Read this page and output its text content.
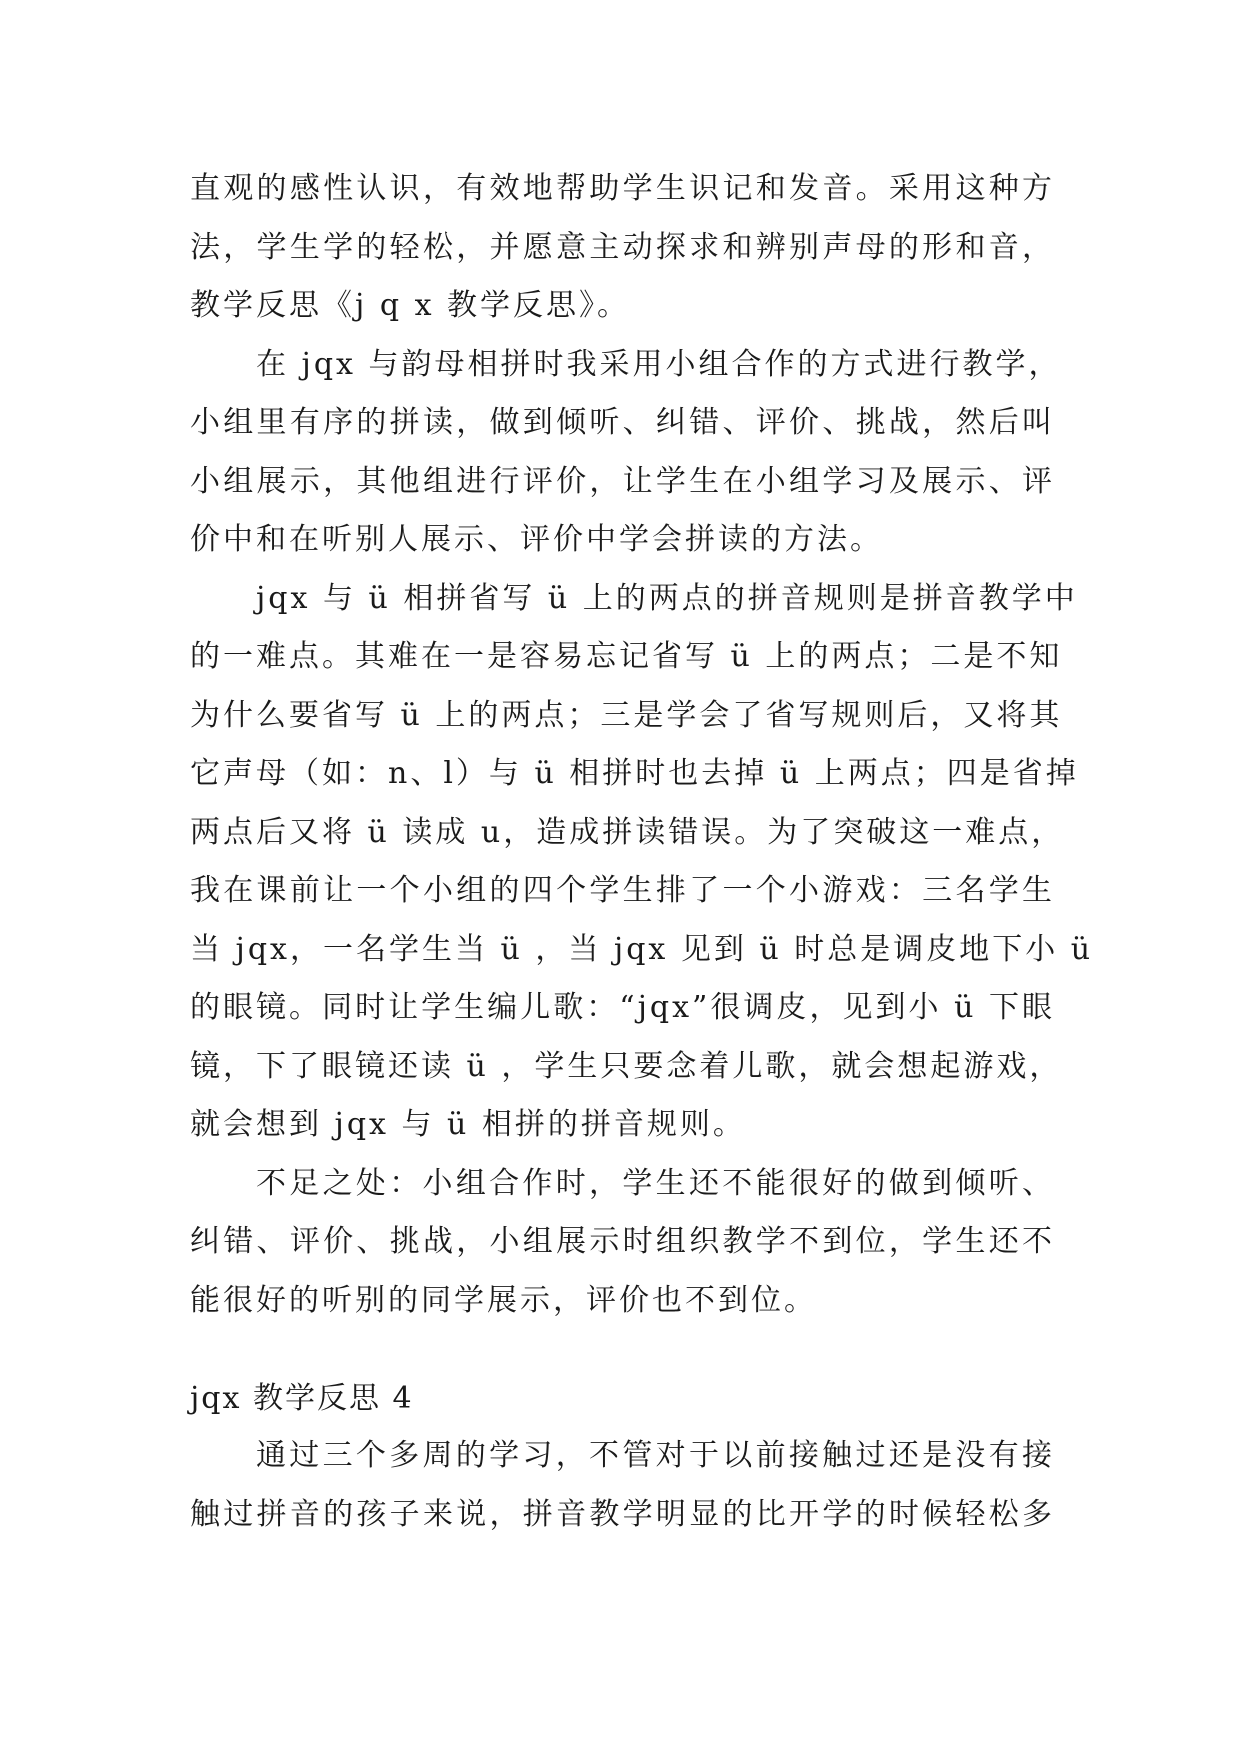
直观的感性认识，有效地帮助学生识记和发音。采用这种方
法，学生学的轻松，并愿意主动探求和辨别声母的形和音，
教学反思《j q x 教学反思》。
在 jqx 与韵母相拼时我采用小组合作的方式进行教学，
小组里有序的拼读，做到倾听、纠错、评价、挑战，然后叫
小组展示，其他组进行评价，让学生在小组学习及展示、评
价中和在听别人展示、评价中学会拼读的方法。
jqx 与 ü 相拼省写 ü 上的两点的拼音规则是拼音教学中
的一难点。其难在一是容易忘记省写 ü 上的两点；二是不知
为什么要省写 ü 上的两点；三是学会了省写规则后，又将其
它声母（如：n、l）与 ü 相拼时也去掉 ü 上两点；四是省掉
两点后又将 ü 读成 u，造成拼读错误。为了突破这一难点，
我在课前让一个小组的四个学生排了一个小游戏：三名学生
当 jqx，一名学生当 ü ，当 jqx 见到 ü 时总是调皮地下小 ü
的眼镜。同时让学生编儿歌：“jqx”很调皮，见到小 ü 下眼
镜，下了眼镜还读 ü ，学生只要念着儿歌，就会想起游戏，
就会想到 jqx 与 ü 相拼的拼音规则。
不足之处：小组合作时，学生还不能很好的做到倾听、
纠错、评价、挑战，小组展示时组织教学不到位，学生还不
能很好的听别的同学展示，评价也不到位。
jqx 教学反思 4
通过三个多周的学习，不管对于以前接触过还是没有接
触过拼音的孩子来说，拼音教学明显的比开学的时候轻松多
